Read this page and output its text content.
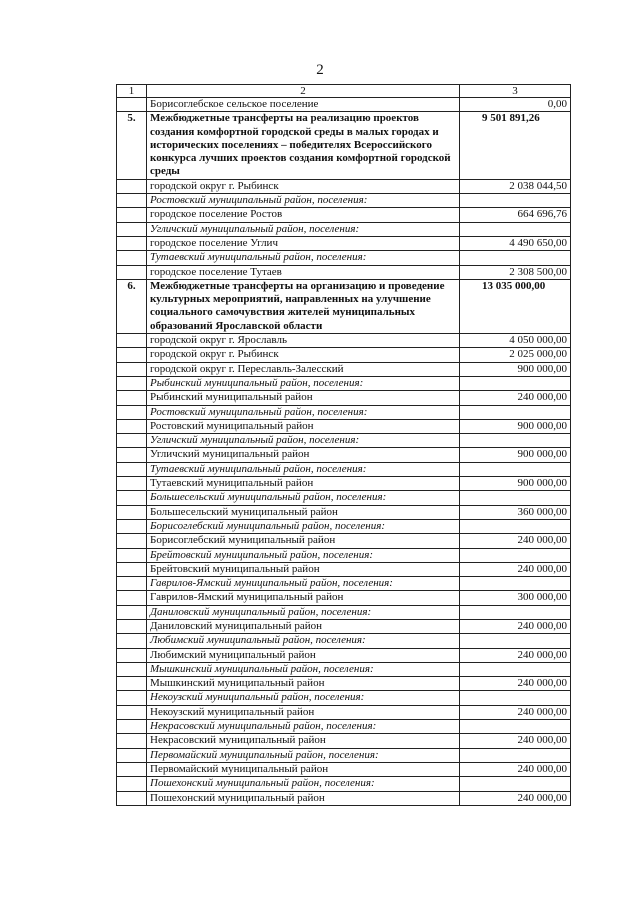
2
1	2	3
	Борисоглебское сельское поселение	0,00
5.	Межбюджетные трансферты на реализацию проектов создания комфортной городской среды в малых городах и исторических поселениях – победителях Всероссийского конкурса лучших проектов создания комфортной городской среды	9 501 891,26
	городской округ г. Рыбинск	2 038 044,50
	Ростовский муниципальный район, поселения:	
	городское поселение Ростов	664 696,76
	Угличский муниципальный район, поселения:	
	городское поселение Углич	4 490 650,00
	Тутаевский муниципальный район, поселения:	
	городское поселение Тутаев	2 308 500,00
6.	Межбюджетные трансферты на организацию и проведение культурных мероприятий, направленных на улучшение социального самочувствия жителей муниципальных образований Ярославской области	13 035 000,00
	городской округ г. Ярославль	4 050 000,00
	городской округ г. Рыбинск	2 025 000,00
	городской округ г. Переславль-Залесский	900 000,00
	Рыбинский муниципальный район, поселения:	
	Рыбинский муниципальный район	240 000,00
	Ростовский муниципальный район, поселения:	
	Ростовский муниципальный район	900 000,00
	Угличский муниципальный район, поселения:	
	Угличский муниципальный район	900 000,00
	Тутаевский муниципальный район, поселения:	
	Тутаевский муниципальный район	900 000,00
	Большесельский муниципальный район, поселения:	
	Большесельский муниципальный район	360 000,00
	Борисоглебский муниципальный район, поселения:	
	Борисоглебский муниципальный район	240 000,00
	Брейтовский муниципальный район, поселения:	
	Брейтовский муниципальный район	240 000,00
	Гаврилов-Ямский муниципальный район, поселения:	
	Гаврилов-Ямский муниципальный район	300 000,00
	Даниловский муниципальный район, поселения:	
	Даниловский муниципальный район	240 000,00
	Любимский муниципальный район, поселения:	
	Любимский муниципальный район	240 000,00
	Мышкинский муниципальный район, поселения:	
	Мышкинский муниципальный район	240 000,00
	Некоузский муниципальный район, поселения:	
	Некоузский муниципальный район	240 000,00
	Некрасовский муниципальный район, поселения:	
	Некрасовский муниципальный район	240 000,00
	Первомайский муниципальный район, поселения:	
	Первомайский муниципальный район	240 000,00
	Пошехонский муниципальный район, поселения:	
	Пошехонский муниципальный район	240 000,00
